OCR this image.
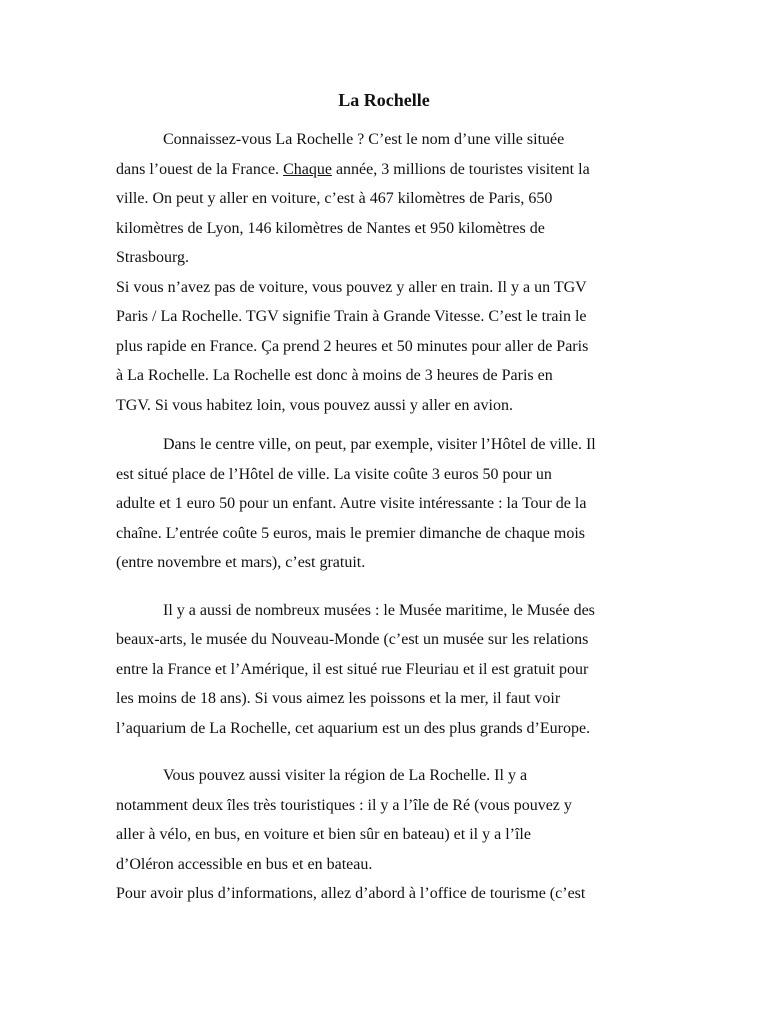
La Rochelle
Connaissez-vous La Rochelle ? C’est le nom d’une ville située
dans l’ouest de la France. Chaque année, 3 millions de touristes visitent la
ville. On peut y aller en voiture, c’est à 467 kilomètres de Paris, 650
kilomètres de Lyon, 146 kilomètres de Nantes et 950 kilomètres de
Strasbourg.
Si vous n’avez pas de voiture, vous pouvez y aller en train. Il y a un TGV
Paris / La Rochelle. TGV signifie Train à Grande Vitesse. C’est le train le
plus rapide en France. Ça prend 2 heures et 50 minutes pour aller de Paris
à La Rochelle. La Rochelle est donc à moins de 3 heures de Paris en
TGV. Si vous habitez loin, vous pouvez aussi y aller en avion.
Dans le centre ville, on peut, par exemple, visiter l’Hôtel de ville. Il
est situé place de l’Hôtel de ville. La visite coûte 3 euros 50 pour un
adulte et 1 euro 50 pour un enfant. Autre visite intéressante : la Tour de la
chaîne. L’entrée coûte 5 euros, mais le premier dimanche de chaque mois
(entre novembre et mars), c’est gratuit.
Il y a aussi de nombreux musées : le Musée maritime, le Musée des
beaux-arts, le musée du Nouveau-Monde (c’est un musée sur les relations
entre la France et l’Amérique, il est situé rue Fleuriau et il est gratuit pour
les moins de 18 ans). Si vous aimez les poissons et la mer, il faut voir
l’aquarium de La Rochelle, cet aquarium est un des plus grands d’Europe.
Vous pouvez aussi visiter la région de La Rochelle. Il y a
notamment deux îles très touristiques : il y a l’île de Ré (vous pouvez y
aller à vélo, en bus, en voiture et bien sûr en bateau) et il y a l’île
d’Oléron accessible en bus et en bateau.
Pour avoir plus d’informations, allez d’abord à l’office de tourisme (c’est
